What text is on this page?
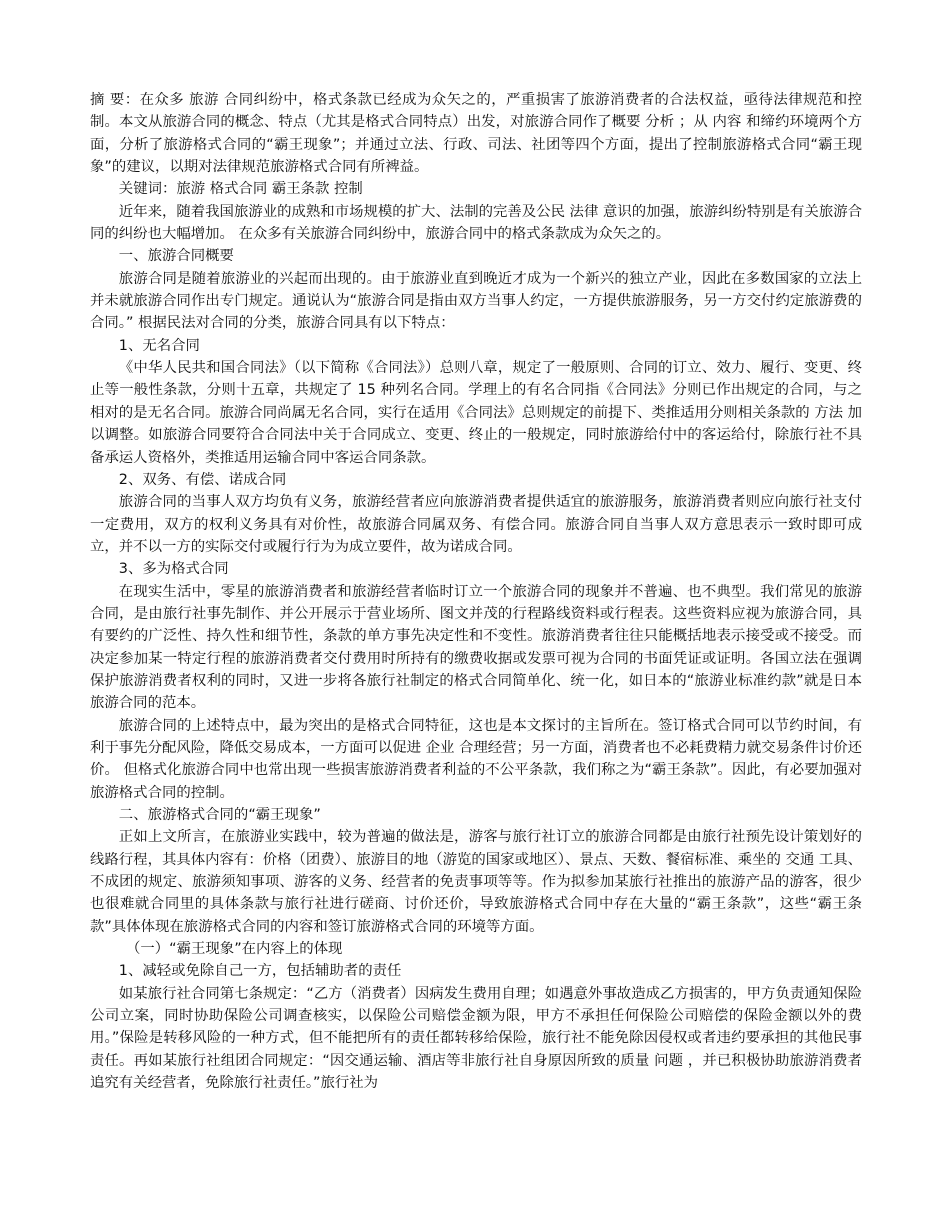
摘 要：在众多 旅游 合同纠纷中，格式条款已经成为众矢之的，严重损害了旅游消费者的合法权益，亟待法律规范和控制。本文从旅游合同的概念、特点（尤其是格式合同特点）出发，对旅游合同作了概要 分析 ；从 内容 和缔约环境两个方面，分析了旅游格式合同的“霸王现象”；并通过立法、行政、司法、社团等四个方面，提出了控制旅游格式合同“霸王现象”的建议，以期对法律规范旅游格式合同有所裨益。

关键词：旅游 格式合同 霸王条款 控制

近年来，随着我国旅游业的成熟和市场规模的扩大、法制的完善及公民 法律 意识的加强，旅游纠纷特别是有关旅游合同的纠纷也大幅增加。 在众多有关旅游合同纠纷中，旅游合同中的格式条款成为众矢之的。

一、旅游合同概要

旅游合同是随着旅游业的兴起而出现的。由于旅游业直到晚近才成为一个新兴的独立产业，因此在多数国家的立法上并未就旅游合同作出专门规定。通说认为“旅游合同是指由双方当事人约定，一方提供旅游服务，另一方交付约定旅游费的合同。” 根据民法对合同的分类，旅游合同具有以下特点：

1、无名合同

《中华人民共和国合同法》（以下简称《合同法》）总则八章，规定了一般原则、合同的订立、效力、履行、变更、终止等一般性条款，分则十五章，共规定了 15 种列名合同。学理上的有名合同指《合同法》分则已作出规定的合同，与之相对的是无名合同。旅游合同尚属无名合同，实行在适用《合同法》总则规定的前提下、类推适用分则相关条款的 方法 加以调整。如旅游合同要符合合同法中关于合同成立、变更、终止的一般规定，同时旅游给付中的客运给付，除旅行社不具备承运人资格外，类推适用运输合同中客运合同条款。

2、双务、有偿、诺成合同

旅游合同的当事人双方均负有义务，旅游经营者应向旅游消费者提供适宜的旅游服务，旅游消费者则应向旅行社支付一定费用，双方的权利义务具有对价性，故旅游合同属双务、有偿合同。旅游合同自当事人双方意思表示一致时即可成立，并不以一方的实际交付或履行行为为成立要件，故为诺成合同。

3、多为格式合同

在现实生活中，零星的旅游消费者和旅游经营者临时订立一个旅游合同的现象并不普遍、也不典型。我们常见的旅游合同，是由旅行社事先制作、并公开展示于营业场所、图文并茂的行程路线资料或行程表。这些资料应视为旅游合同，具有要约的广泛性、持久性和细节性，条款的单方事先决定性和不变性。旅游消费者往往只能概括地表示接受或不接受。而决定参加某一特定行程的旅游消费者交付费用时所持有的缴费收据或发票可视为合同的书面凭证或证明。各国立法在强调保护旅游消费者权利的同时，又进一步将各旅行社制定的格式合同简单化、统一化，如日本的“旅游业标准约款”就是日本旅游合同的范本。

旅游合同的上述特点中，最为突出的是格式合同特征，这也是本文探讨的主旨所在。签订格式合同可以节约时间，有利于事先分配风险，降低交易成本，一方面可以促进 企业 合理经营；另一方面，消费者也不必耗费精力就交易条件讨价还价。 但格式化旅游合同中也常出现一些损害旅游消费者利益的不公平条款，我们称之为“霸王条款”。因此，有必要加强对旅游格式合同的控制。

二、旅游格式合同的“霸王现象”

正如上文所言，在旅游业实践中，较为普遍的做法是，游客与旅行社订立的旅游合同都是由旅行社预先设计策划好的线路行程，其具体内容有：价格（团费）、旅游目的地（游览的国家或地区）、景点、天数、餐宿标准、乘坐的 交通 工具、不成团的规定、旅游须知事项、游客的义务、经营者的免责事项等等。作为拟参加某旅行社推出的旅游产品的游客，很少也很难就合同里的具体条款与旅行社进行磋商、讨价还价，导致旅游格式合同中存在大量的“霸王条款”，这些“霸王条款”具体体现在旅游格式合同的内容和签订旅游格式合同的环境等方面。

（一）“霸王现象”在内容上的体现

1、减轻或免除自己一方，包括辅助者的责任

如某旅行社合同第七条规定：“乙方（消费者）因病发生费用自理；如遇意外事故造成乙方损害的，甲方负责通知保险公司立案，同时协助保险公司调查核实，以保险公司赔偿金额为限，甲方不承担任何保险公司赔偿的保险金额以外的费用。”保险是转移风险的一种方式，但不能把所有的责任都转移给保险，旅行社不能免除因侵权或者违约要承担的其他民事责任。再如某旅行社组团合同规定：“因交通运输、酒店等非旅行社自身原因所致的质量 问题 ，并已积极协助旅游消费者追究有关经营者，免除旅行社责任。”旅行社为
